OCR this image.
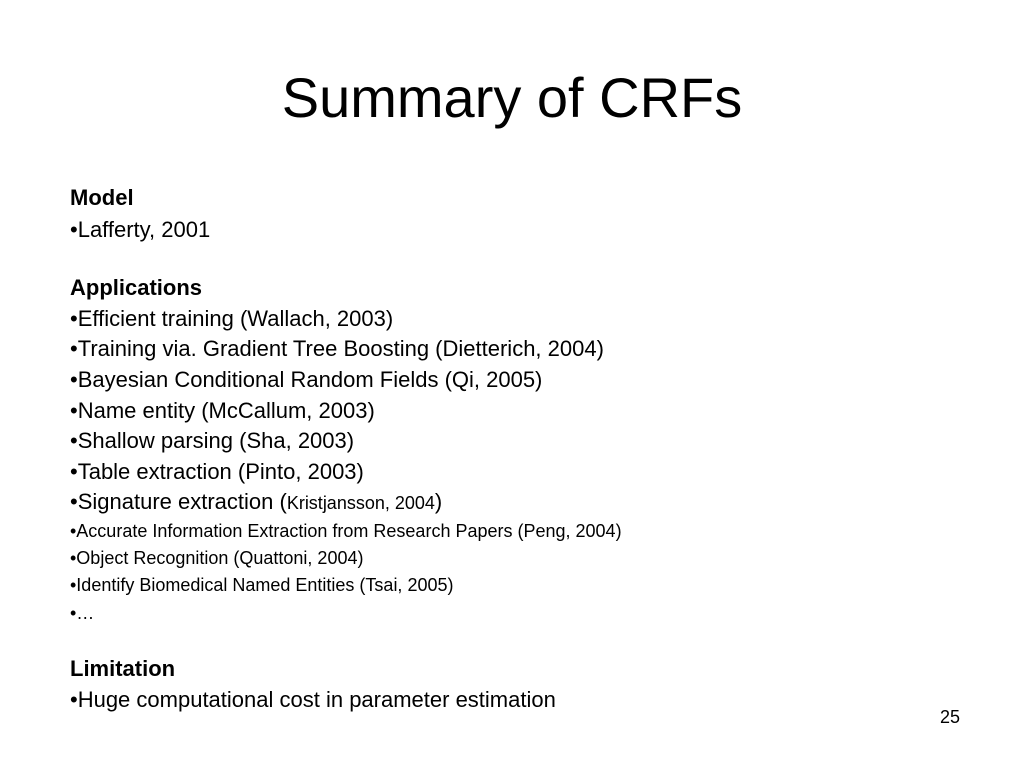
Summary of CRFs
Model
•Lafferty, 2001
Applications
•Efficient training (Wallach, 2003)
•Training via. Gradient Tree Boosting (Dietterich, 2004)
•Bayesian Conditional Random Fields (Qi, 2005)
•Name entity (McCallum, 2003)
•Shallow parsing (Sha, 2003)
•Table extraction (Pinto, 2003)
•Signature extraction (Kristjansson, 2004)
•Accurate Information Extraction from Research Papers (Peng, 2004)
•Object Recognition (Quattoni, 2004)
•Identify Biomedical Named Entities (Tsai, 2005)
•…
Limitation
•Huge computational cost in parameter estimation
25
